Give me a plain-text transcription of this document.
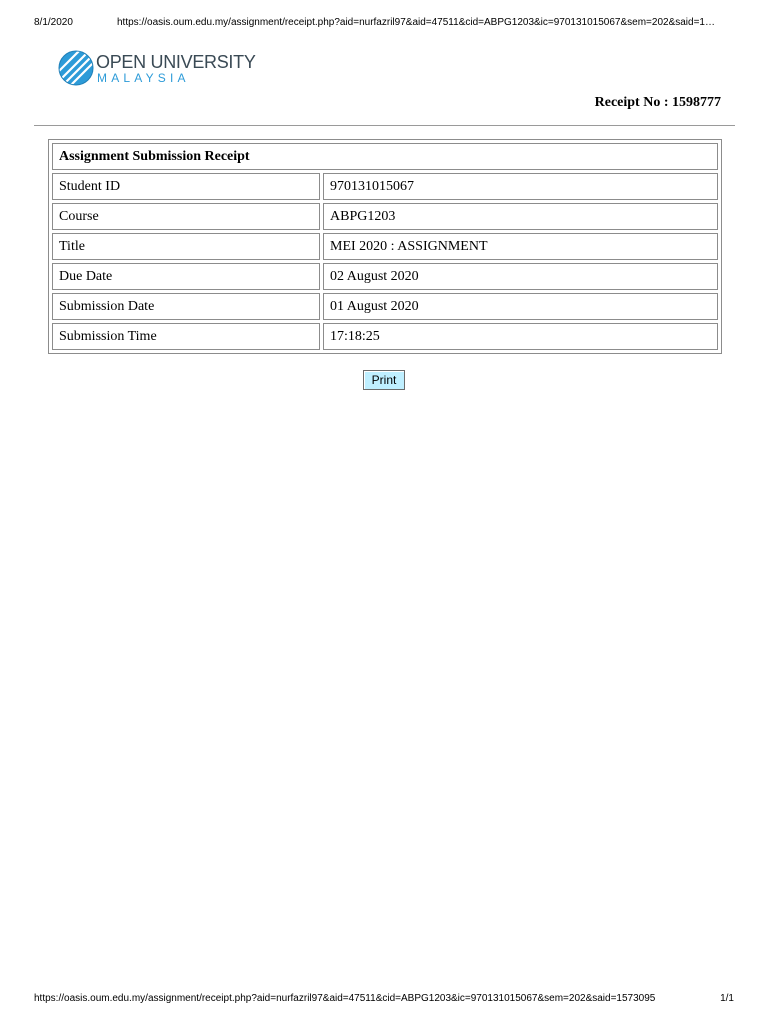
8/1/2020	https://oasis.oum.edu.my/assignment/receipt.php?aid=nurfazril97&aid=47511&cid=ABPG1203&ic=970131015067&sem=202&said=1…
OPEN UNIVERSITY
MALAYSIA
Receipt No : 1598777
Assignment Submission Receipt	
Student ID	970131015067
Course	ABPG1203
Title	MEI 2020 : ASSIGNMENT
Due Date	02 August 2020
Submission Date	01 August 2020
Submission Time	17:18:25
Print
https://oasis.oum.edu.my/assignment/receipt.php?aid=nurfazril97&aid=47511&cid=ABPG1203&ic=970131015067&sem=202&said=1573095	1/1
